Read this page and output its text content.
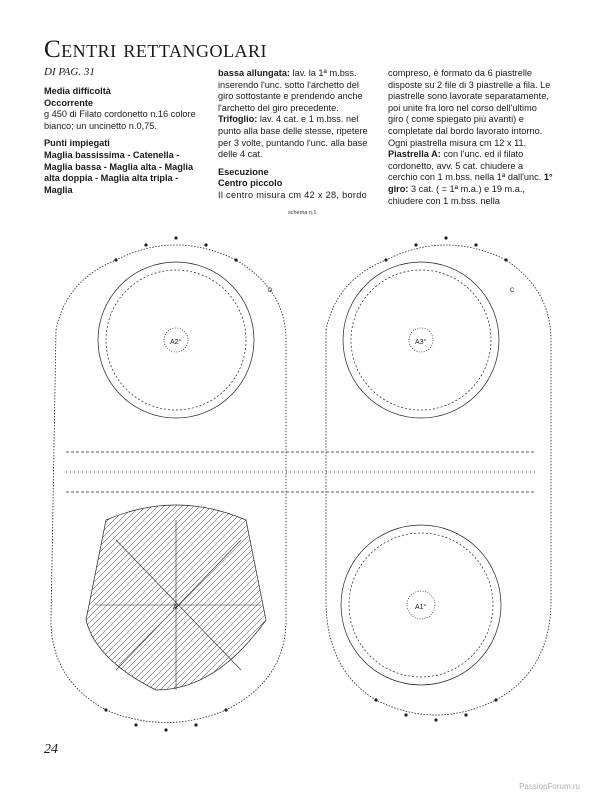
Centri rettangolari
DI PAG. 31

Media difficoltà

Occorrente

g 450 di Filato cordonetto n.16 colore bianco; un uncinetto n.0,75.

Punti impiegati

Maglia bassissima - Catenella - Maglia bassa - Maglia alta - Maglia alta doppia - Maglia alta tripla - Maglia

bassa allungata: lav. la 1ª m.bss. inserendo l'unc. sotto l'archetto del giro sottostante e prendendo anche l'archetto del giro precedente.

Trifoglio: lav. 4 cat. e 1 m.bss. nel punto alla base delle stesse, ripetere per 3 volte, puntando l'unc. alla base delle 4 cat.

Esecuzione

Centro piccolo

Il centro misura cm 42 x 28, bordo

compreso, è formato da 6 piastrelle disposte su 2 file di 3 piastrelle a fila. Le piastrelle sono lavorate separatamente, poi unite fra loro nel corso dell'ultimo giro ( come spiegato più avanti) e completate dal bordo lavorato intorno. Ogni piastrella misura cm 12 x 11.

Piastrella A: con l'unc. ed il filato cordonetto, avv. 5 cat. chiudere a cerchio con 1 m.bss. nella 1ª dall'unc. 1° giro: 3 cat. ( = 1ª m.a.) e 19 m.a., chiudere con 1 m.bss. nella

schema n.1
A2°	A3°
A1°
A
D	C
24
PassionForum.ru
